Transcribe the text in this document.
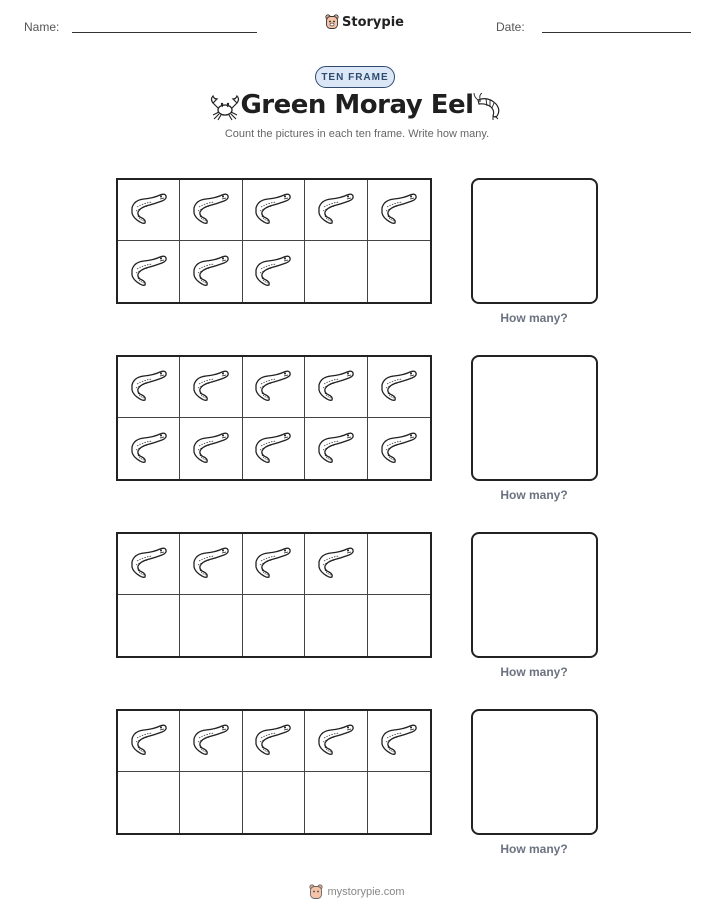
Name:	Storypie	Date:
TEN FRAME
Green Moray Eel
Count the pictures in each ten frame. Write how many.
How many?
How many?
How many?
How many?
mystorypie.com
